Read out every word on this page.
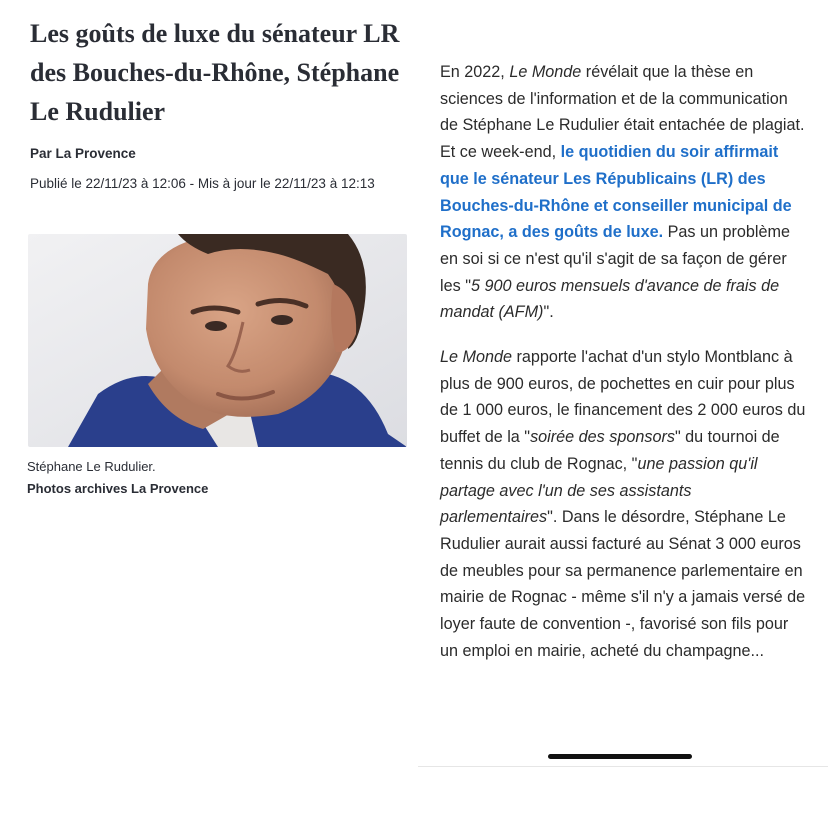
Les goûts de luxe du sénateur LR des Bouches-du-Rhône, Stéphane Le Rudulier

Par La Provence

Publié le 22/11/23 à 12:06 - Mis à jour le 22/11/23 à 12:13

Stéphane Le Rudulier.

Photos archives La Provence

En 2022, Le Monde révélait que la thèse en sciences de l'information et de la communication de Stéphane Le Rudulier était entachée de plagiat. Et ce week-end, le quotidien du soir affirmait que le sénateur Les Républicains (LR) des Bouches-du-Rhône et conseiller municipal de Rognac, a des goûts de luxe. Pas un problème en soi si ce n'est qu'il s'agit de sa façon de gérer les "5 900 euros mensuels d'avance de frais de mandat (AFM)".

Le Monde rapporte l'achat d'un stylo Montblanc à plus de 900 euros, de pochettes en cuir pour plus de 1 000 euros, le financement des 2 000 euros du buffet de la "soirée des sponsors" du tournoi de tennis du club de Rognac, "une passion qu'il partage avec l'un de ses assistants parlementaires". Dans le désordre, Stéphane Le Rudulier aurait aussi facturé au Sénat 3 000 euros de meubles pour sa permanence parlementaire en mairie de Rognac - même s'il n'y a jamais versé de loyer faute de convention -, favorisé son fils pour un emploi en mairie, acheté du champagne...
